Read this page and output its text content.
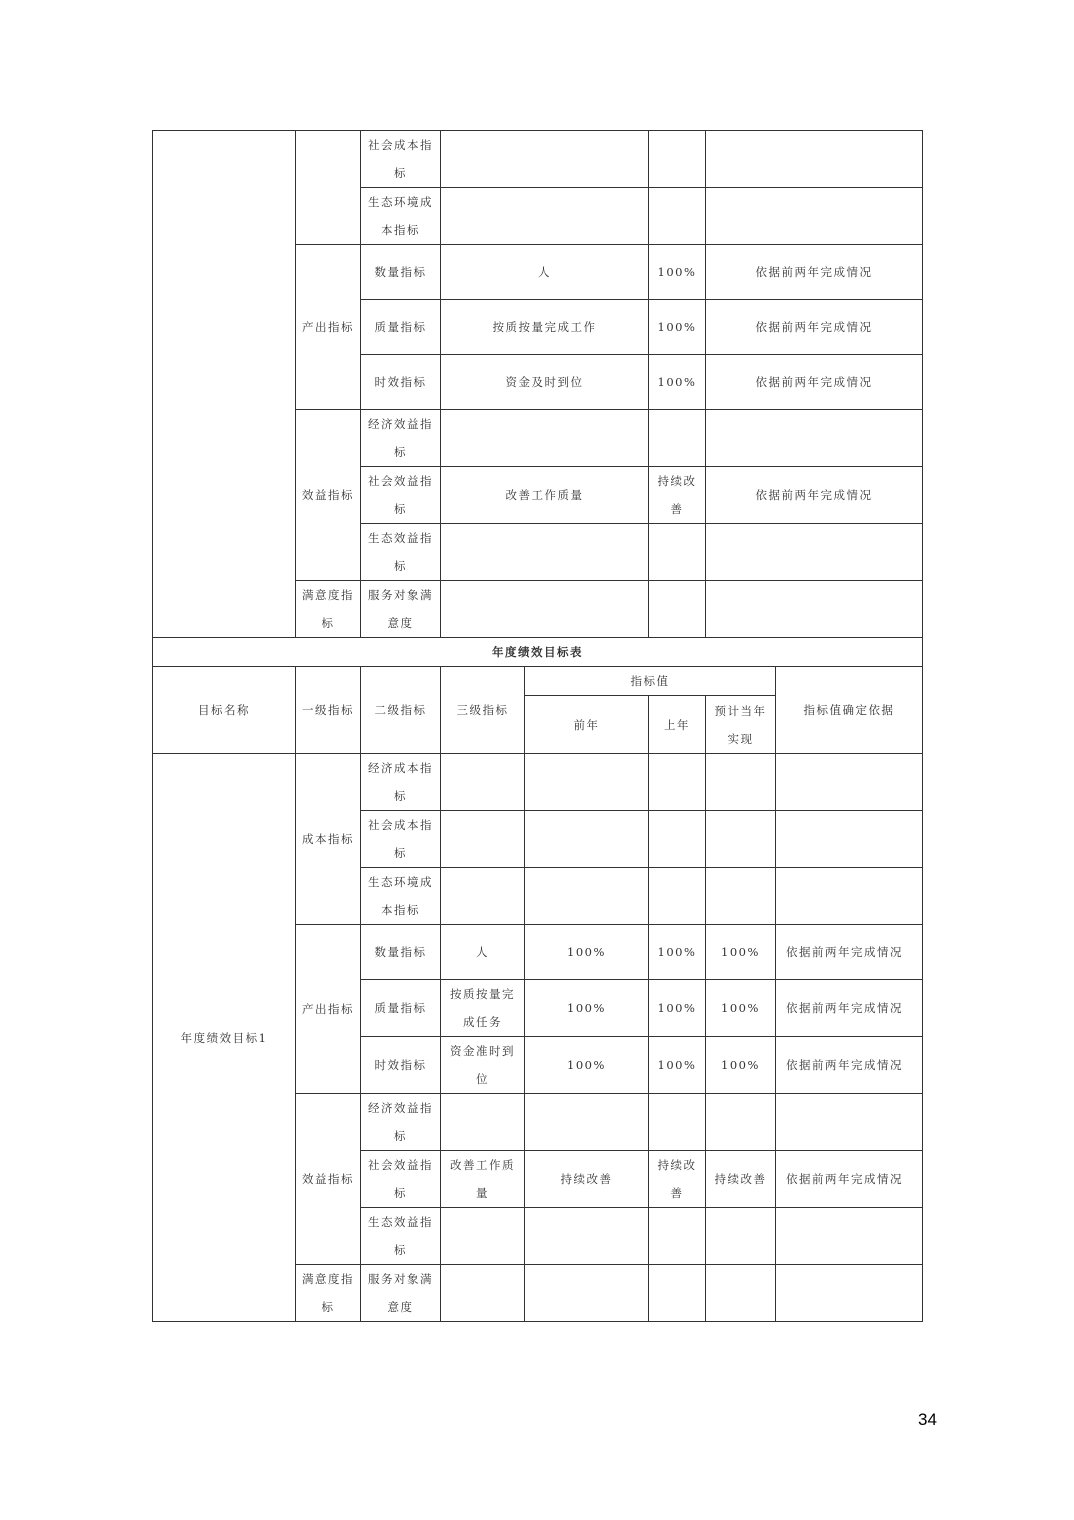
		社会成本指标			
		生态环境成本指标			
	产出指标	数量指标	人	100%	依据前两年完成情况
		质量指标	按质按量完成工作	100%	依据前两年完成情况
		时效指标	资金及时到位	100%	依据前两年完成情况
	效益指标	经济效益指标			
		社会效益指标	改善工作质量	持续改善	依据前两年完成情况
		生态效益指标			
	满意度指标	服务对象满意度			
年度绩效目标表							
目标名称	一级指标	二级指标	三级指标	指标值			指标值确定依据
				前年	上年	预计当年实现	
年度绩效目标1	成本指标	经济成本指标					
		社会成本指标					
		生态环境成本指标					
	产出指标	数量指标	人	100%	100%	100%	依据前两年完成情况
		质量指标	按质按量完成任务	100%	100%	100%	依据前两年完成情况
		时效指标	资金准时到位	100%	100%	100%	依据前两年完成情况
	效益指标	经济效益指标					
		社会效益指标	改善工作质量	持续改善	持续改善	持续改善	依据前两年完成情况
		生态效益指标					
	满意度指标	服务对象满意度					
34
